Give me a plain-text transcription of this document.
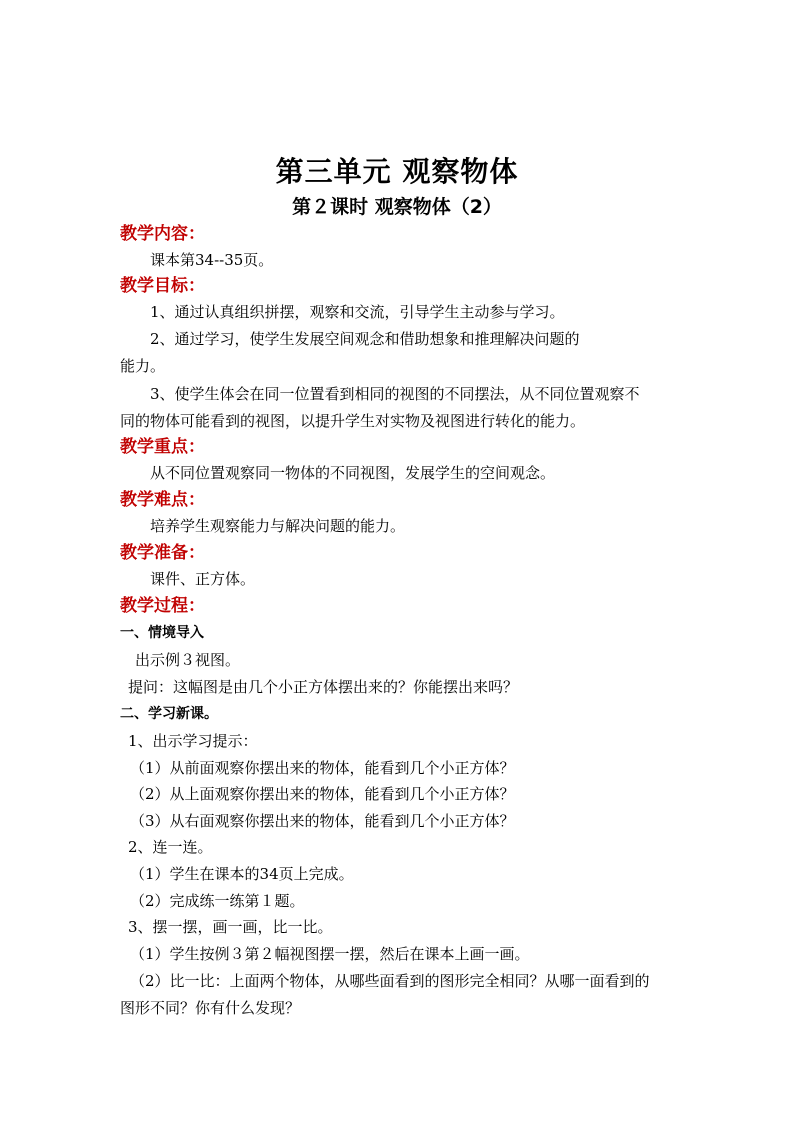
第三单元 观察物体
第２课时 观察物体（2）
教学内容：
课本第34--35页。
教学目标：
1、通过认真组织拼摆，观察和交流，引导学生主动参与学习。
2、通过学习，使学生发展空间观念和借助想象和推理解决问题的
能力。
3、使学生体会在同一位置看到相同的视图的不同摆法，从不同位置观察不
同的物体可能看到的视图，以提升学生对实物及视图进行转化的能力。
教学重点：
从不同位置观察同一物体的不同视图，发展学生的空间观念。
教学难点：
培养学生观察能力与解决问题的能力。
教学准备：
课件、正方体。
教学过程：
一、情境导入
出示例３视图。
提问：这幅图是由几个小正方体摆出来的？你能摆出来吗？
二、学习新课。
1、出示学习提示：
（1）从前面观察你摆出来的物体，能看到几个小正方体？
（2）从上面观察你摆出来的物体，能看到几个小正方体？
（3）从右面观察你摆出来的物体，能看到几个小正方体？
2、连一连。
（1）学生在课本的34页上完成。
（2）完成练一练第１题。
3、摆一摆，画一画，比一比。
（1）学生按例３第２幅视图摆一摆，然后在课本上画一画。
（2）比一比：上面两个物体，从哪些面看到的图形完全相同？从哪一面看到的
图形不同？你有什么发现？
